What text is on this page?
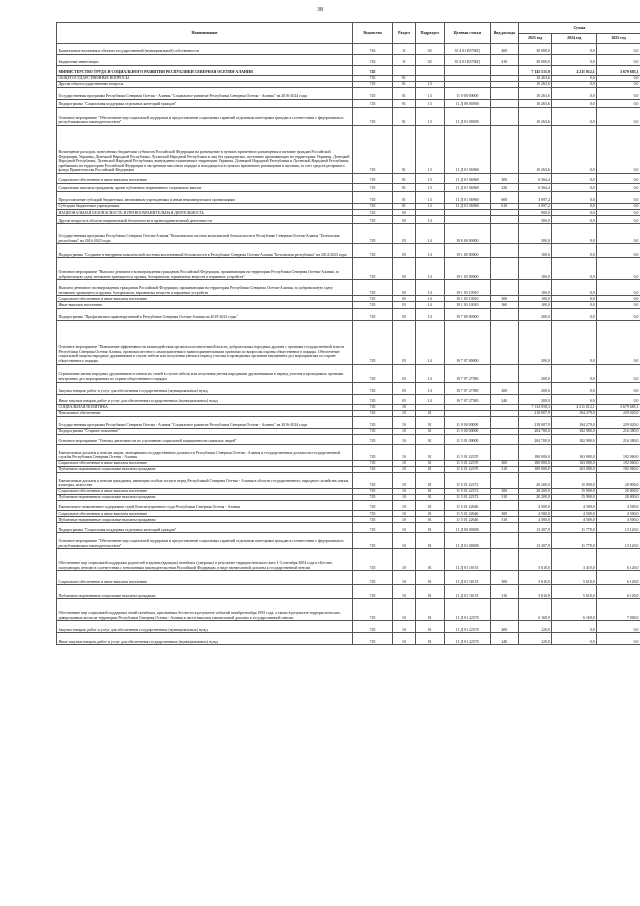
38
Наименование	Ведомство	Раздел	Подраздел	Целевая статья	Вид расхода	Сумма		
						2023 год	2024 год	2025 год
Капитальные вложения в объекты государственной (муниципальной) собственности	743	11	02	35 4 01 R5760[]	400	30 000,0	0,0	0,0
Бюджетные инвестиции	743	11	02	35 4 01 R5760[]	410	30 000,0	0,0	0,0
МИНИСТЕРСТВО ТРУДА И СОЦИАЛЬНОГО РАЗВИТИЯ РЕСПУБЛИКИ СЕВЕРНАЯ ОСЕТИЯ-АЛАНИЯ	745					7 145 515,9	4 211 012,1	3 679 685,1
ОБЩЕГОСУДАРСТВЕННЫЕ ВОПРОСЫ	745	01				10 263,6	0,0	0,0
Другие общегосударственные вопросы	745	01	13			10 263,6	0,0	0,0
Государственная программа Республики Северная Осетия - Алания "Социальное развитие Республики Северная Осетия - Алания" на 2016-2024 годы	745	01	13	11 0 00 00000		10 263,6	0,0	0,0
Подпрограмма "Социальная поддержка отдельных категорий граждан"	745	01	13	11 Д 00 00000		10 263,6	0,0	0,0
Основное мероприятие "Обеспечение мер социальной поддержки и предоставление социальных гарантий отдельным категориям граждан в соответствии с федеральным и республиканским законодательством"	745	01	13	11 Д 01 00000		10 263,6	0,0	0,0
Возмещение расходов, понесенных бюджетами субъектов Российской Федерации на размещение в пунктах временного размещения и питание граждан Российской Федерации, Украины, Донецкой Народной Республики, Луганской Народной Республики и лиц без гражданства, постоянно проживающих на территориях Украины, Донецкой Народной Республики, Луганской Народной Республики, вынужденно покинувших территории Украины, Донецкой Народной Республики и Луганской Народной Республики, прибывших на территорию Российской Федерации в экстренном массовом порядке и находящихся в пунктах временного размещения и питания, за счет средств резервного фонда Правительства Российской Федерации	745	01	13	11 Д 01 56960		10 263,6	0,0	0,0
Социальное обеспечение и иные выплаты населению	745	01	13	11 Д 01 56960	300	6 564,4	0,0	0,0
Социальные выплаты гражданам, кроме публичных нормативных социальных выплат	745	01	13	11 Д 01 56960	320	6 564,4	0,0	0,0
Предоставление субсидий бюджетным, автономным учреждениям и иным некоммерческим организациям	745	01	13	11 Д 01 56960	600	3 697,2	0,0	0,0
Субсидии бюджетным учреждениям	745	01	13	11 Д 01 56960	610	3 697,2	0,0	0,0
НАЦИОНАЛЬНАЯ БЕЗОПАСНОСТЬ И ПРАВООХРАНИТЕЛЬНАЯ ДЕЯТЕЛЬНОСТЬ	745	03				900,0	0,0	0,0
Другие вопросы в области национальной безопасности и правоохранительной деятельности	745	03	14			300,0	0,0	0,0
Государственная программа Республики Северная Осетия-Алания "Комплексная система комплексной безопасности в Республике Северная Осетия-Алания "Безопасная республика" на 2014-2023 годы	745	03	14	19 0 00 00000		300,0	0,0	0,0
Подпрограмма "Создание и внедрение комплексной системы коллективной безопасности в Республике Северная Осетия-Алания "Безопасная республика" на 2014-2023 годы	745	03	14	19 1 00 00000		100,0	0,0	0,0
Основное мероприятие "Выплата денежного вознаграждения гражданам Российской Федерации, проживающим на территории Республики Северная Осетия-Алания, за добровольную сдачу незаконно хранящегося оружия, боеприпасов, взрывчатых веществ и взрывных устройств"	745	03	14	19 1 03 00000		100,0	0,0	0,0
Выплата денежного вознаграждения гражданам Российской Федерации, проживающим на территории Республики Северная Осетия-Алания, за добровольную сдачу незаконно хранящегося оружия, боеприпасов, взрывчатых веществ и взрывных устройств	745	03	14	19 1 03 10010		100,0	0,0	0,0
Социальное обеспечение и иные выплаты населению	745	03	14	19 1 03 10010	300	100,0	0,0	0,0
Иные выплаты населению	745	03	14	19 1 03 10010	360	100,0	0,0	0,0
Подпрограмма "Профилактика правонарушений в Республике Северная Осетия-Алания на 2019-2023 годы"	745	03	14	19 7 00 00000		200,0	0,0	0,0
Основное мероприятие "Повышение эффективности взаимодействия органов исполнительной власти, добровольных народных дружин с органами государственной власти Республики Северная Осетия-Алания, органами местного самоуправления и правоохранительными органами по вопросам охраны общественного порядка. Обеспечение социальной защиты народных дружинников в случае гибели или получения увечья в период участия в проводимых органами внутренних дел мероприятиях по охране общественного порядка	745	03	14	19 7 07 00000		200,0	0,0	0,0
Страхование жизни народных дружинников и членов их семей в случае гибели или получения увечья народными дружинниками в период участия в проводимых органами внутренних дел мероприятиях по охране общественного порядка	745	03	14	19 7 07 27580		200,0	0,0	0,0
Закупка товаров, работ и услуг для обеспечения государственных (муниципальных) нужд	745	03	14	19 7 07 27580	200	200,0	0,0	0,0
Иные закупки товаров, работ и услуг для обеспечения государственных (муниципальных) нужд	745	03	14	19 7 07 27580	240	200,0	0,0	0,0
СОЦИАЛЬНАЯ ПОЛИТИКА	745	10				7 134 958,3	4 211 012,1	3 679 685,1
Пенсионное обеспечение	745	10	01			218 007,9	194 279,0	229 020,0
Государственная программа Республики Северная Осетия - Алания "Социальное развитие Республики Северная Осетия - Алания" на 2016-2024 годы	745	10	01	11 0 00 00000		218 007,9	194 279,0	229 020,0
Подпрограмма "Старшее поколение"	745	10	01	11 5 00 00000		204 700,0	182 980,0	216 380,0
Основное мероприятие "Основы деятельности по улучшению социальной защищенности пожилых людей"	745	10	01	11 5 01 00000		204 700,0	182 980,0	216 380,0
Ежемесячные доплаты к пенсии лицам, замещавшим государственные должности Республики Северная Осетия - Алания и государственные должности государственной службы Республики Северная Осетия - Алания	745	10	01	11 5 01 22370		180 000,0	163 080,0	192 060,0
Социальное обеспечение и иные выплаты населению	745	10	01	11 5 01 22370	300	180 000,0	163 080,0	192 060,0
Публичные нормативные социальные выплаты гражданам	745	10	01	11 5 01 22370	310	180 000,0	163 080,0	192 060,0
Ежемесячные доплаты к пенсии гражданам, имеющим особые заслуги перед Республикой Северная Осетия - Алания в области государственного, народного хозяйства, науки, культуры, искусства	745	10	01	11 5 01 22372		20 200,0	15 900,0	20 000,0
Социальное обеспечение и иные выплаты населению	745	10	01	11 5 01 22372	300	20 200,0	15 900,0	20 000,0
Публичные нормативные социальные выплаты гражданам	745	10	01	11 5 01 22372	310	20 200,0	15 900,0	20 000,0
Ежемесячное пожизненное содержание судей Конституционного суда Республики Северная Осетия - Алания	745	10	01	11 5 01 22640		4 500,0	4 500,0	4 500,0
Социальное обеспечение и иные выплаты населению	745	10	01	11 5 01 22640	300	4 500,0	4 500,0	4 500,0
Публичные нормативные социальные выплаты гражданам	745	10	01	11 5 01 22640	310	4 500,0	4 500,0	4 500,0
Подпрограмма "Социальная поддержка отдельных категорий граждан"	745	10	01	11 Д 00 00000		13 307,9	11 779,0	13 120,0
Основное мероприятие "Обеспечение мер социальной поддержки и предоставление социальных гарантий отдельным категориям граждан в соответствии с федеральным и республиканским законодательством"	745	10	01	11 Д 01 00000		13 307,9	11 779,0	13 120,0
Обеспечение мер социальной поддержки родителей и вдовам (вдовцам) погибших (умерших) в результате террористического акта 1-3 сентября 2004 года в г.Беслан, получающих пенсию в соответствии с пенсионным законодательством Российской Федерации, в виде ежемесячной доплаты к государственной пенсии	745	10	01	11 Д 01 10151		5 610,0	3 410,0	6 120,0
Социальное обеспечение и иные выплаты населению	745	10	01	11 Д 01 10151	300	5 610,0	5 610,0	6 120,0
Публичные нормативные социальные выплаты гражданам	745	10	01	11 Д 01 10151	310	5 610,0	5 610,0	6 120,0
Обеспечение мер социальной поддержки семей погибших, признанных без вести в результате событий октября-ноября 1992 года, а также в результате террористических, диверсионных актов на территории Республики Северная Осетия - Алания в части выплаты ежемесячной доплаты к государственной пенсии	745	10	01	11 Д 01 22570		6 169,9	6 169,0	7 000,0
Закупка товаров, работ и услуг для обеспечения государственных (муниципальных) нужд	745	10	01	11 Д 01 22570	200	120,0	0,0	0,0
Иные закупки товаров, работ и услуг для обеспечения государственных (муниципальных) нужд	745	10	01	11 Д 01 22570	240	120,0	0,0	0,0
